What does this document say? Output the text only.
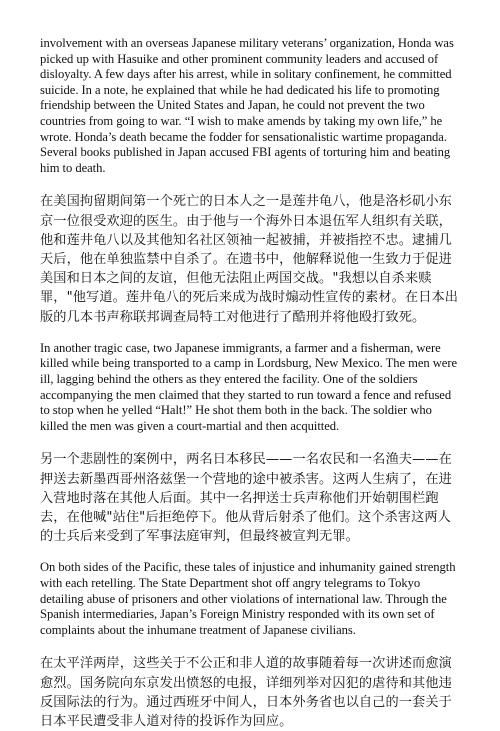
involvement with an overseas Japanese military veterans’ organization, Honda was picked up with Hasuike and other prominent community leaders and accused of disloyalty. A few days after his arrest, while in solitary confinement, he committed suicide. In a note, he explained that while he had dedicated his life to promoting friendship between the United States and Japan, he could not prevent the two countries from going to war. “I wish to make amends by taking my own life,” he wrote. Honda’s death became the fodder for sensationalistic wartime propaganda. Several books published in Japan accused FBI agents of torturing him and beating him to death.

在美国拘留期间第一个死亡的日本人之一是莲井龟八，他是洛杉矶小东京一位很受欢迎的医生。由于他与一个海外日本退伍军人组织有关联，他和莲井龟八以及其他知名社区领袖一起被捕，并被指控不忠。逮捕几天后，他在单独监禁中自杀了。在遗书中，他解释说他一生致力于促进美国和日本之间的友谊，但他无法阻止两国交战。"我想以自杀来赎罪，"他写道。莲井龟八的死后来成为战时煽动性宣传的素材。在日本出版的几本书声称联邦调查局特工对他进行了酷刑并将他殴打致死。

In another tragic case, two Japanese immigrants, a farmer and a fisherman, were killed while being transported to a camp in Lordsburg, New Mexico. The men were ill, lagging behind the others as they entered the facility. One of the soldiers accompanying the men claimed that they started to run toward a fence and refused to stop when he yelled “Halt!” He shot them both in the back. The soldier who killed the men was given a court-martial and then acquitted.

另一个悲剧性的案例中，两名日本移民——一名农民和一名渔夫——在押送去新墨西哥州洛兹堡一个营地的途中被杀害。这两人生病了，在进入营地时落在其他人后面。其中一名押送士兵声称他们开始朝围栏跑去，在他喊"站住"后拒绝停下。他从背后射杀了他们。这个杀害这两人的士兵后来受到了军事法庭审判，但最终被宣判无罪。

On both sides of the Pacific, these tales of injustice and inhumanity gained strength with each retelling. The State Department shot off angry telegrams to Tokyo detailing abuse of prisoners and other violations of international law. Through the Spanish intermediaries, Japan’s Foreign Ministry responded with its own set of complaints about the inhumane treatment of Japanese civilians.

在太平洋两岸，这些关于不公正和非人道的故事随着每一次讲述而愈演愈烈。国务院向东京发出愤怒的电报，详细列举对囚犯的虐待和其他违反国际法的行为。通过西班牙中间人，日本外务省也以自己的一套关于日本平民遭受非人道对待的投诉作为回应。
